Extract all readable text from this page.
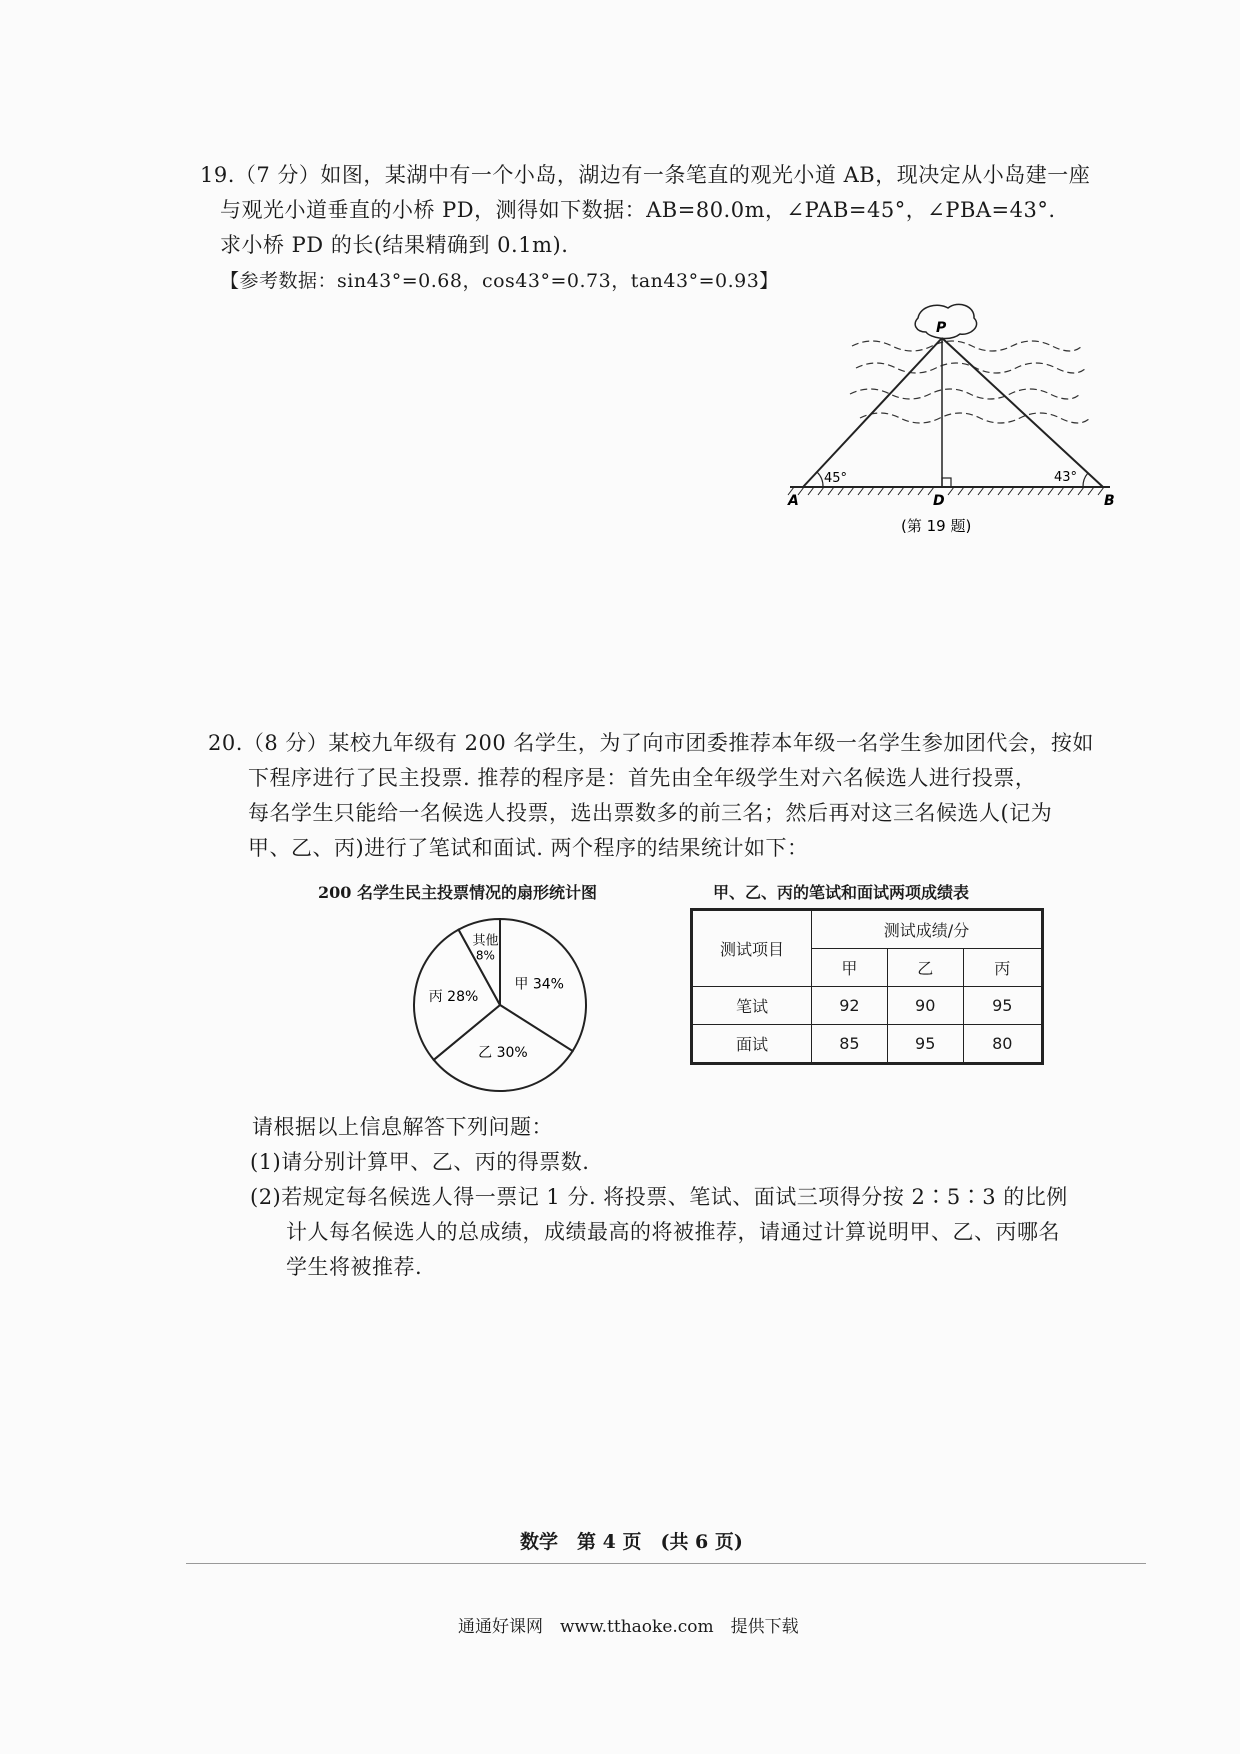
19.（7 分）如图，某湖中有一个小岛，湖边有一条笔直的观光小道 AB，现决定从小岛建一座
与观光小道垂直的小桥 PD，测得如下数据：AB=80.0m，∠PAB=45°，∠PBA=43°.
求小桥 PD 的长(结果精确到 0.1m).
【参考数据：sin43°=0.68，cos43°=0.73，tan43°=0.93】
P
45°	43°
A	D	B
(第 19 题)
20.（8 分）某校九年级有 200 名学生，为了向市团委推荐本年级一名学生参加团代会，按如
下程序进行了民主投票. 推荐的程序是：首先由全年级学生对六名候选人进行投票，
每名学生只能给一名候选人投票，选出票数多的前三名；然后再对这三名候选人(记为
甲、乙、丙)进行了笔试和面试. 两个程序的结果统计如下：
200 名学生民主投票情况的扇形统计图	甲、乙、丙的笔试和面试两项成绩表
甲 34%
乙 30%
丙 28%
其他
8%	测试项目	测试成绩/分		
	甲	乙	丙
笔试	92	90	95
面试	85	95	80
请根据以上信息解答下列问题：
(1)请分别计算甲、乙、丙的得票数.
(2)若规定每名候选人得一票记 1 分. 将投票、笔试、面试三项得分按 2∶5∶3 的比例
计人每名候选人的总成绩，成绩最高的将被推荐，请通过计算说明甲、乙、丙哪名
学生将被推荐.
数学　第 4 页　(共 6 页)
通通好课网　www.tthaoke.com　提供下载
